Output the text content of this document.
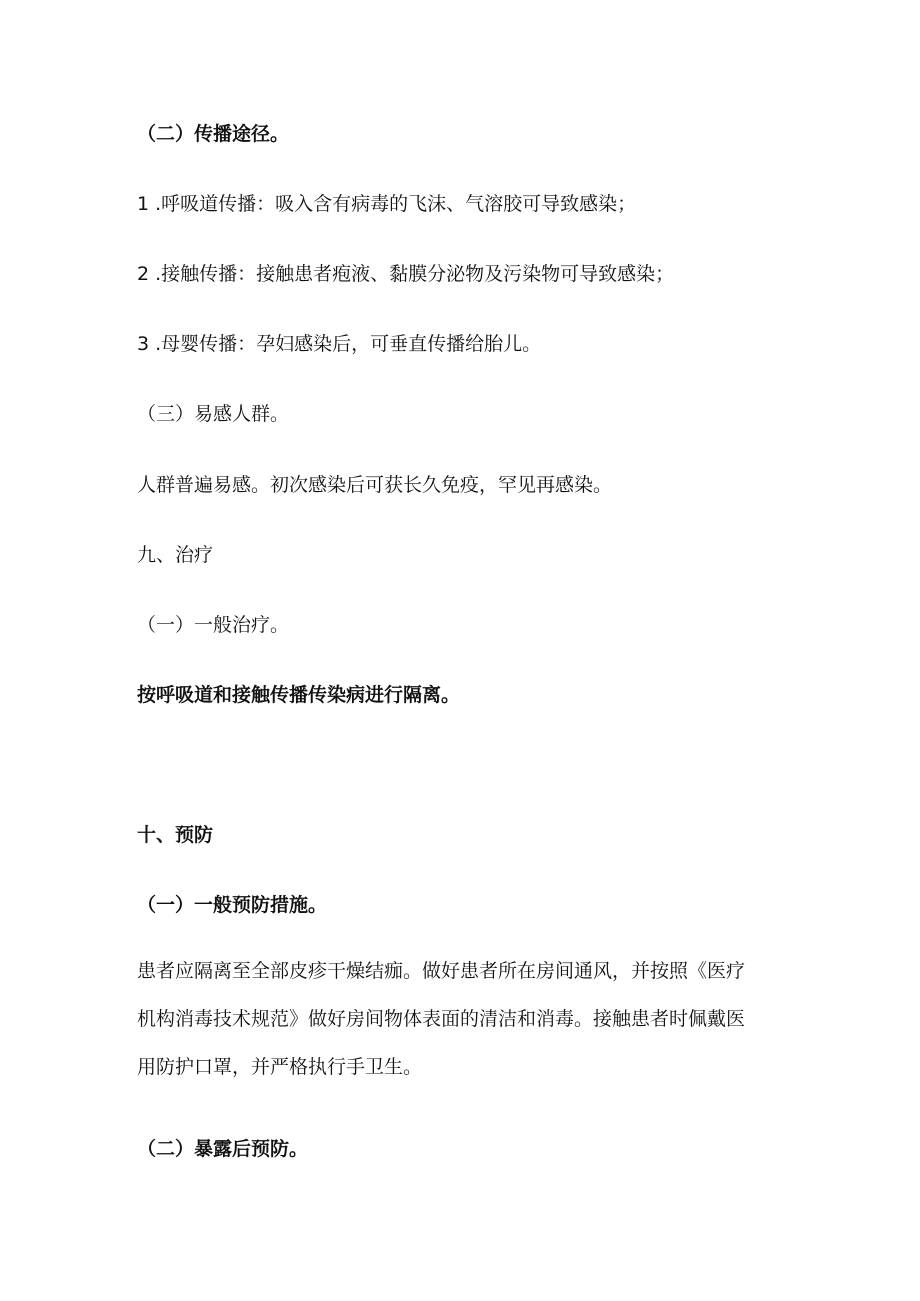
（二）传播途径。

1 .呼吸道传播：吸入含有病毒的飞沫、气溶胶可导致感染；

2 .接触传播：接触患者疱液、黏膜分泌物及污染物可导致感染；

3 .母婴传播：孕妇感染后，可垂直传播给胎儿。

（三）易感人群。

人群普遍易感。初次感染后可获长久免疫，罕见再感染。

九、治疗

（一）一般治疗。

按呼吸道和接触传播传染病进行隔离。

十、预防
（一）一般预防措施。
患者应隔离至全部皮疹干燥结痂。做好患者所在房间通风，并按照《医疗
机构消毒技术规范》做好房间物体表面的清洁和消毒。接触患者时佩戴医
用防护口罩，并严格执行手卫生。
（二）暴露后预防。
